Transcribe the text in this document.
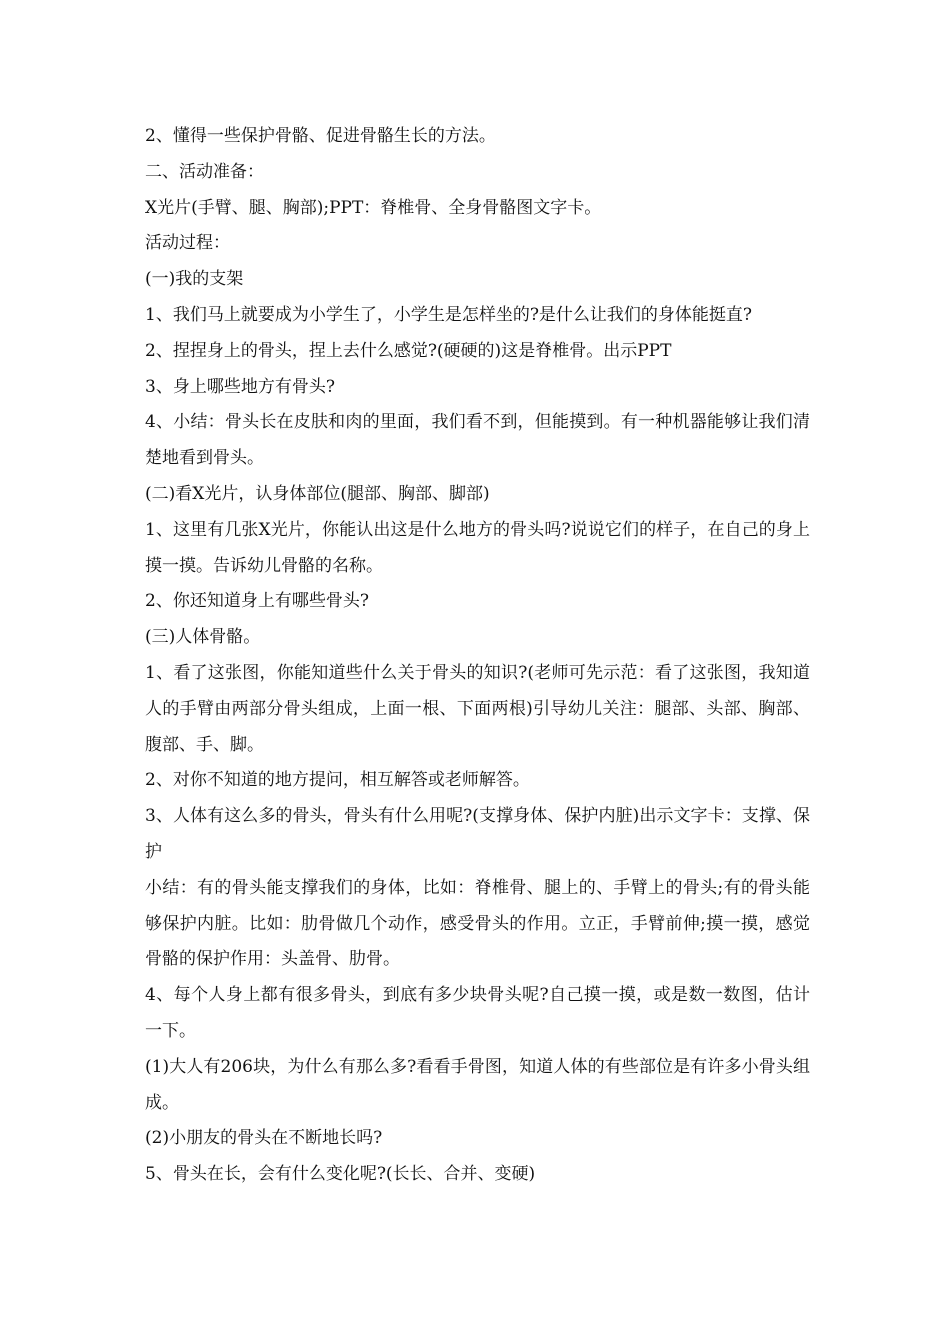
2、懂得一些保护骨骼、促进骨骼生长的方法。

二、活动准备：

X光片(手臂、腿、胸部);PPT：脊椎骨、全身骨骼图文字卡。

活动过程：

(一)我的支架

1、我们马上就要成为小学生了，小学生是怎样坐的?是什么让我们的身体能挺直?

2、捏捏身上的骨头，捏上去什么感觉?(硬硬的)这是脊椎骨。出示PPT

3、身上哪些地方有骨头?

4、小结：骨头长在皮肤和肉的里面，我们看不到，但能摸到。有一种机器能够让我们清楚地看到骨头。

(二)看X光片，认身体部位(腿部、胸部、脚部)

1、这里有几张X光片，你能认出这是什么地方的骨头吗?说说它们的样子，在自己的身上摸一摸。告诉幼儿骨骼的名称。

2、你还知道身上有哪些骨头?

(三)人体骨骼。

1、看了这张图，你能知道些什么关于骨头的知识?(老师可先示范：看了这张图，我知道人的手臂由两部分骨头组成，上面一根、下面两根)引导幼儿关注：腿部、头部、胸部、腹部、手、脚。

2、对你不知道的地方提问，相互解答或老师解答。

3、人体有这么多的骨头，骨头有什么用呢?(支撑身体、保护内脏)出示文字卡：支撑、保护

小结：有的骨头能支撑我们的身体，比如：脊椎骨、腿上的、手臂上的骨头;有的骨头能够保护内脏。比如：肋骨做几个动作，感受骨头的作用。立正，手臂前伸;摸一摸，感觉骨骼的保护作用：头盖骨、肋骨。

4、每个人身上都有很多骨头，到底有多少块骨头呢?自己摸一摸，或是数一数图，估计一下。

(1)大人有206块，为什么有那么多?看看手骨图，知道人体的有些部位是有许多小骨头组成。

(2)小朋友的骨头在不断地长吗?

5、骨头在长，会有什么变化呢?(长长、合并、变硬)
